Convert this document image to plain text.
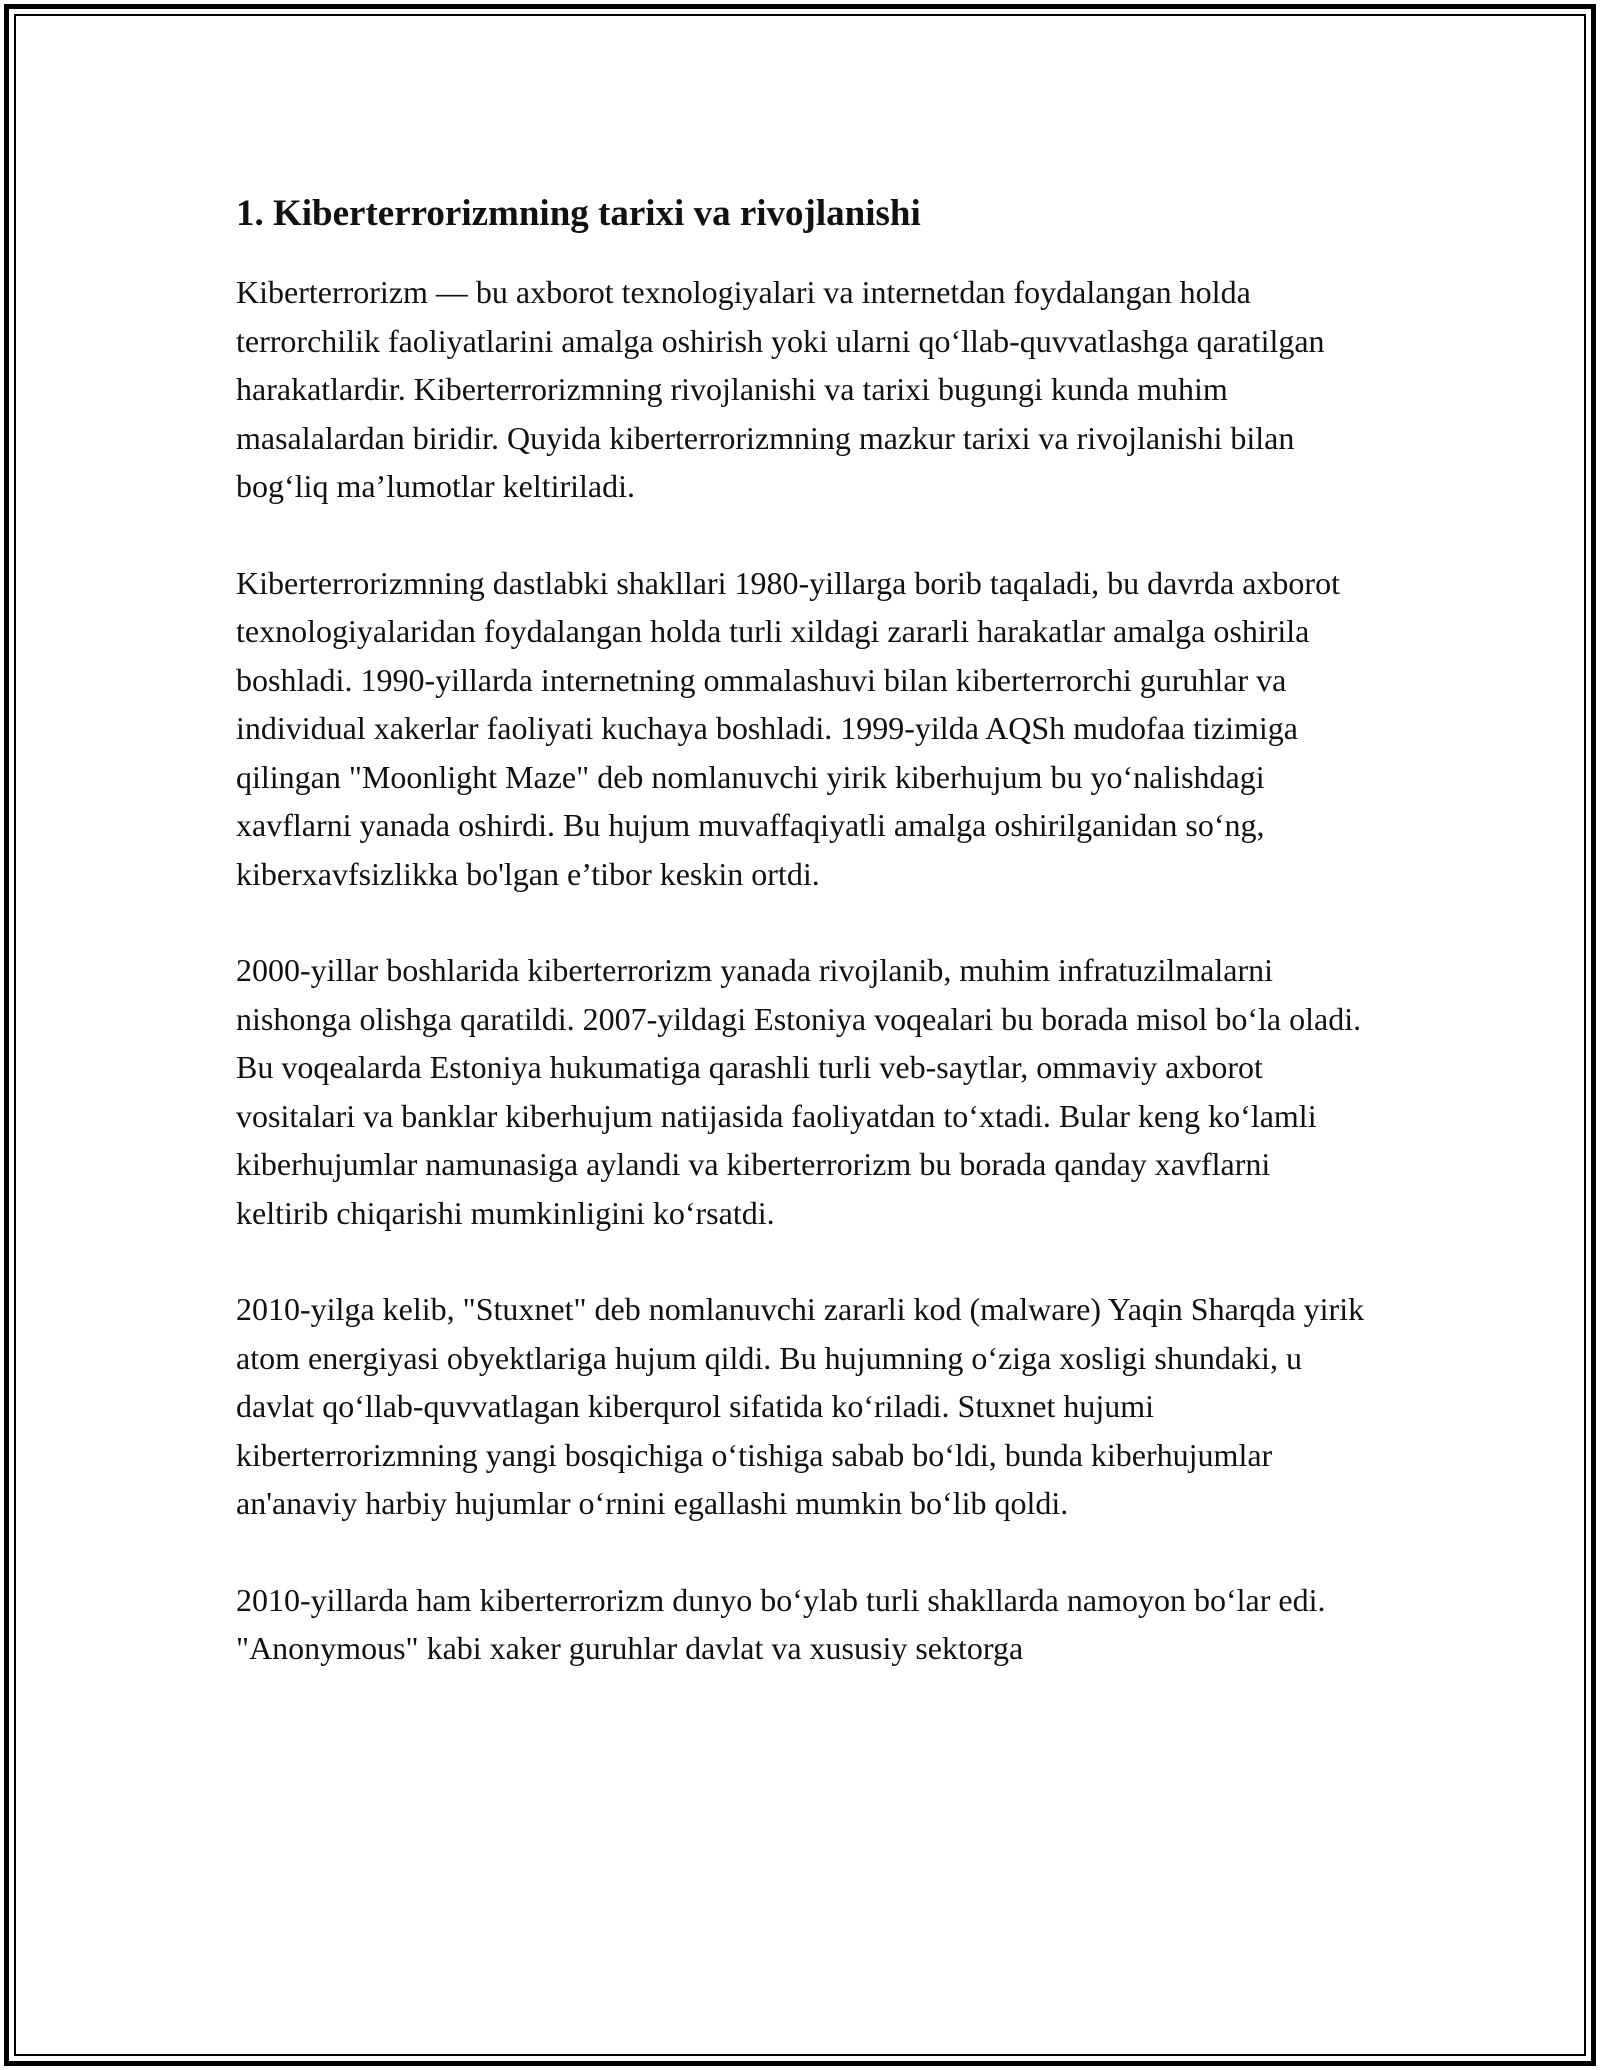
1. Kiberterrorizmning tarixi va rivojlanishi

Kiberterrorizm — bu axborot texnologiyalari va internetdan foydalangan holda terrorchilik faoliyatlarini amalga oshirish yoki ularni qo‘llab-quvvatlashga qaratilgan harakatlardir. Kiberterrorizmning rivojlanishi va tarixi bugungi kunda muhim masalalardan biridir. Quyida kiberterrorizmning mazkur tarixi va rivojlanishi bilan bog‘liq ma’lumotlar keltiriladi.

Kiberterrorizmning dastlabki shakllari 1980-yillarga borib taqaladi, bu davrda axborot texnologiyalaridan foydalangan holda turli xildagi zararli harakatlar amalga oshirila boshladi. 1990-yillarda internetning ommalashuvi bilan kiberterrorchi guruhlar va individual xakerlar faoliyati kuchaya boshladi. 1999-yilda AQSh mudofaa tizimiga qilingan "Moonlight Maze" deb nomlanuvchi yirik kiberhujum bu yo‘nalishdagi xavflarni yanada oshirdi. Bu hujum muvaffaqiyatli amalga oshirilganidan so‘ng, kiberxavfsizlikka bo'lgan e’tibor keskin ortdi.

2000-yillar boshlarida kiberterrorizm yanada rivojlanib, muhim infratuzilmalarni nishonga olishga qaratildi. 2007-yildagi Estoniya voqealari bu borada misol bo‘la oladi. Bu voqealarda Estoniya hukumatiga qarashli turli veb-saytlar, ommaviy axborot vositalari va banklar kiberhujum natijasida faoliyatdan to‘xtadi. Bular keng ko‘lamli kiberhujumlar namunasiga aylandi va kiberterrorizm bu borada qanday xavflarni keltirib chiqarishi mumkinligini ko‘rsatdi.

2010-yilga kelib, "Stuxnet" deb nomlanuvchi zararli kod (malware) Yaqin Sharqda yirik atom energiyasi obyektlariga hujum qildi. Bu hujumning o‘ziga xosligi shundaki, u davlat qo‘llab-quvvatlagan kiberqurol sifatida ko‘riladi. Stuxnet hujumi kiberterrorizmning yangi bosqichiga o‘tishiga sabab bo‘ldi, bunda kiberhujumlar an'anaviy harbiy hujumlar o‘rnini egallashi mumkin bo‘lib qoldi.

2010-yillarda ham kiberterrorizm dunyo bo‘ylab turli shakllarda namoyon bo‘lar edi. "Anonymous" kabi xaker guruhlar davlat va xususiy sektorga
